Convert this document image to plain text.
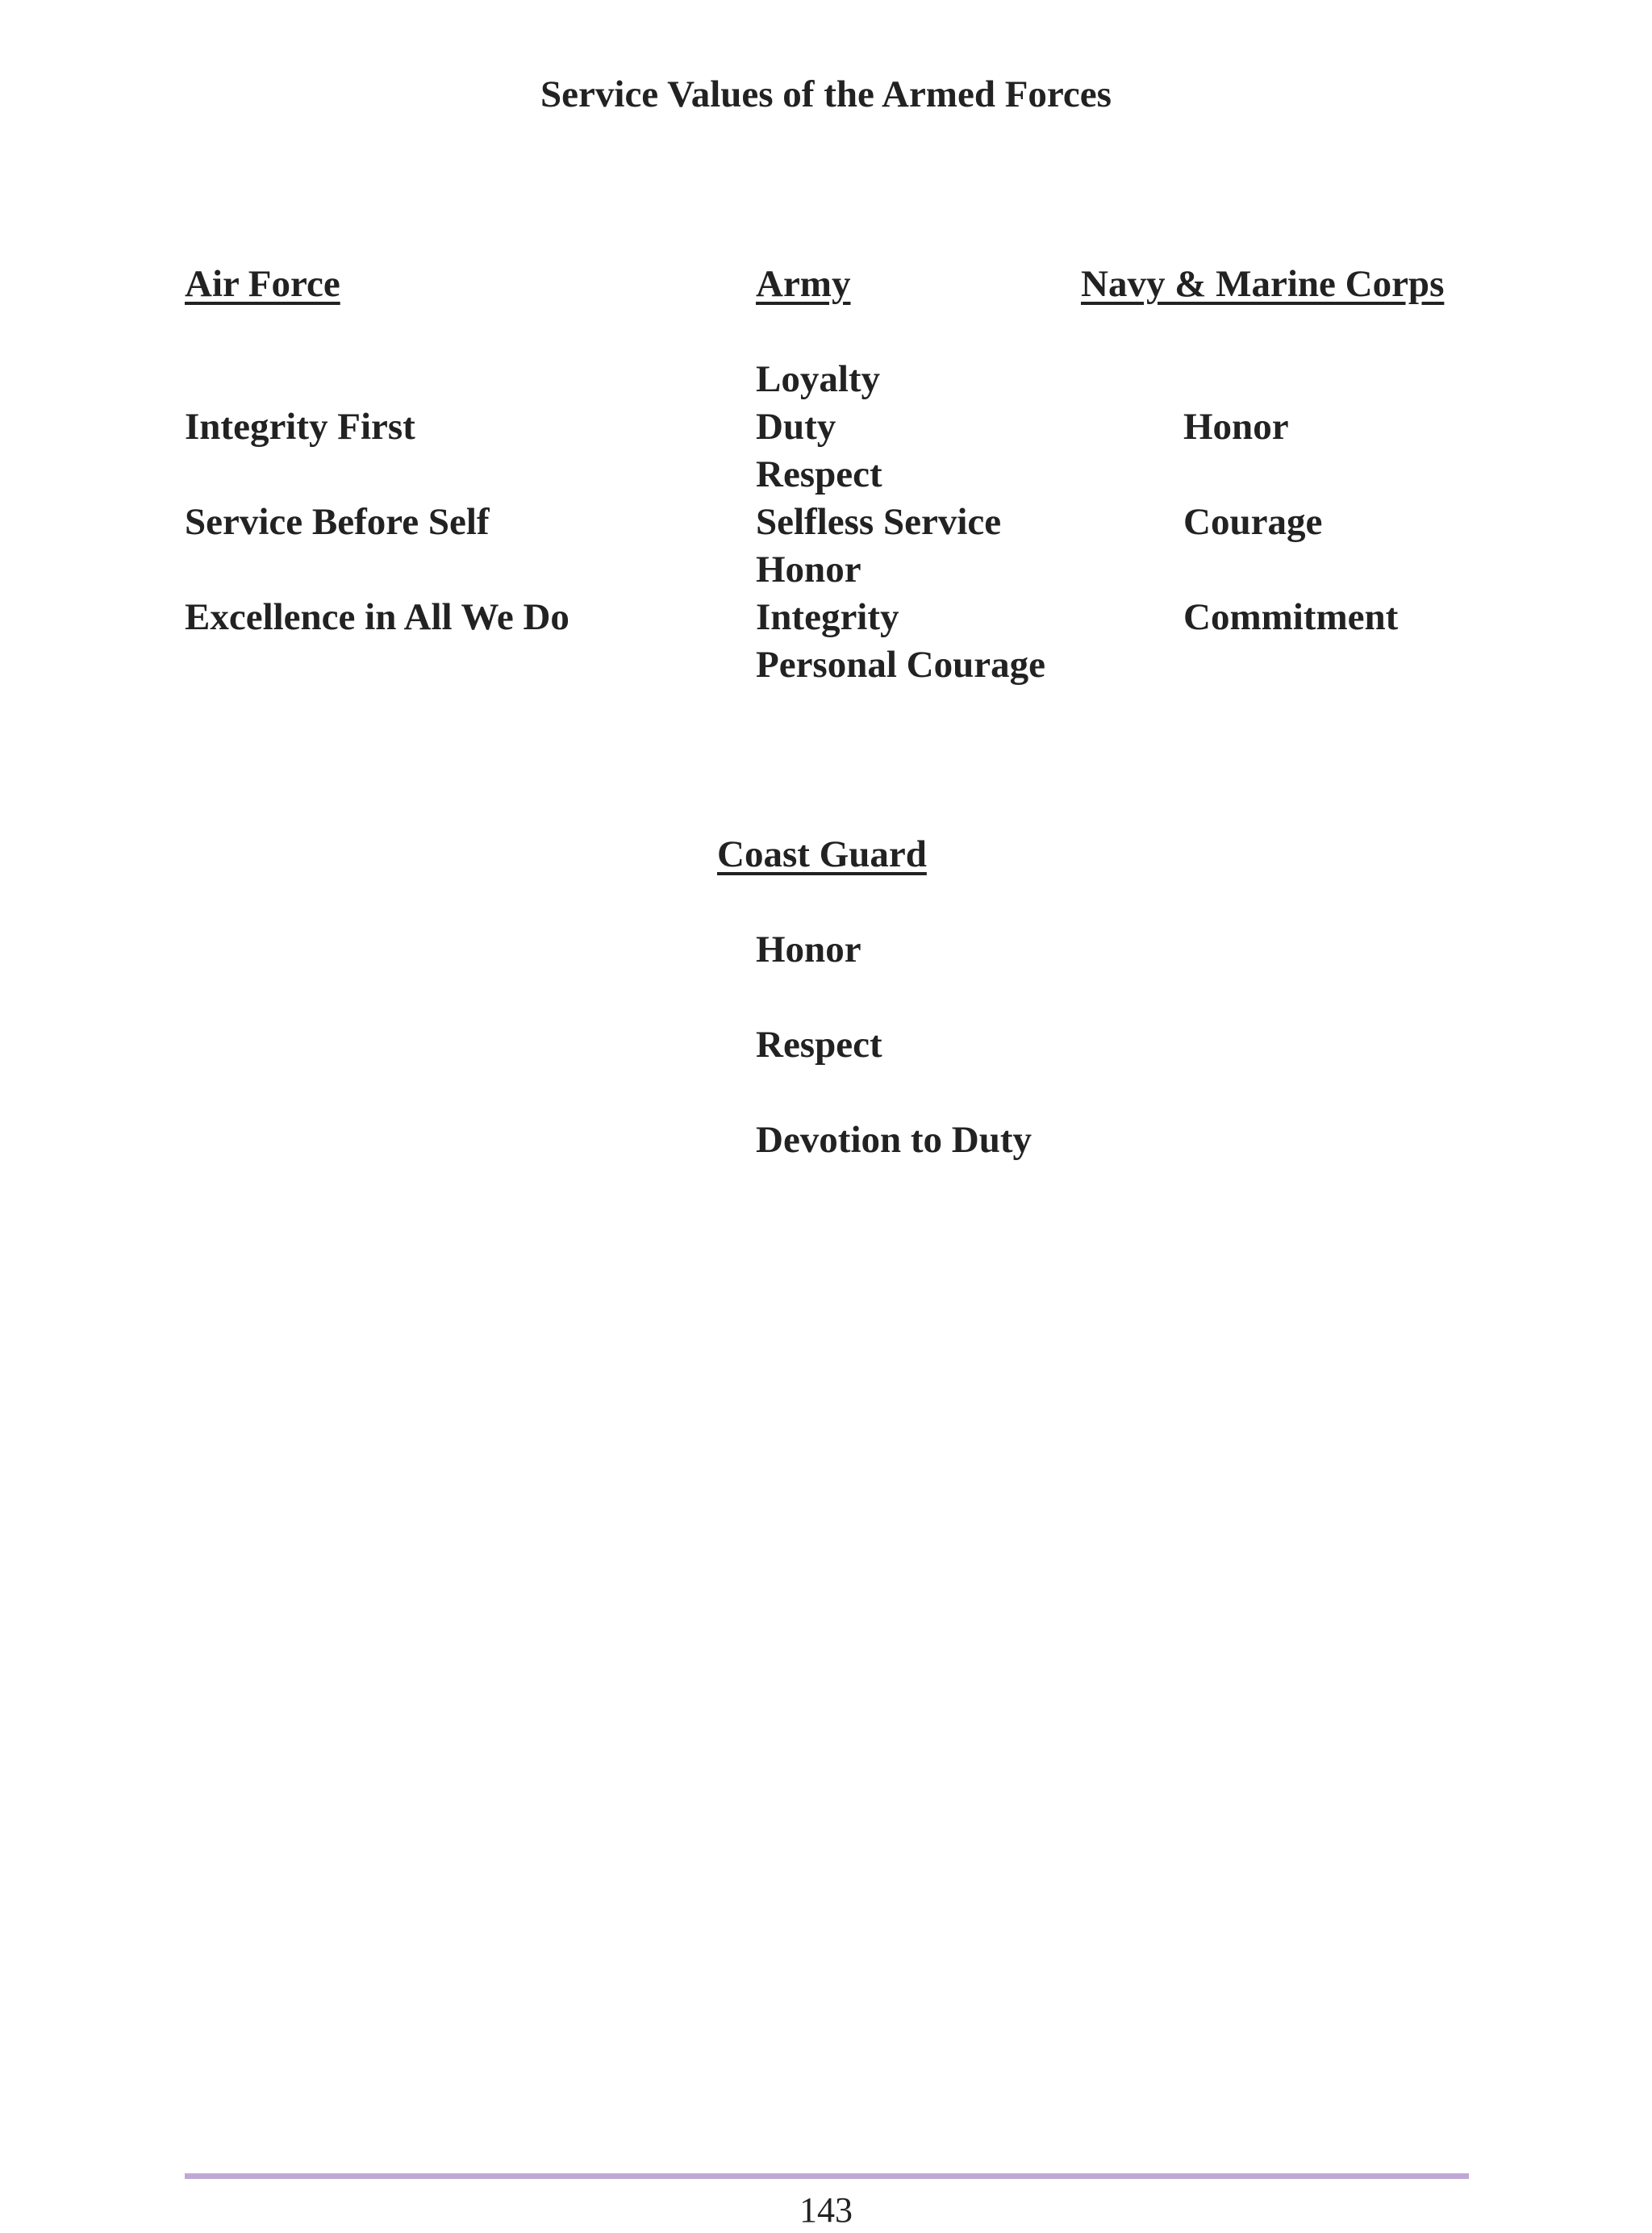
Service Values of the Armed Forces
Air Force
Integrity First
Service Before Self
Excellence in All We Do
Army
Loyalty
Duty
Respect
Selfless Service
Honor
Integrity
Personal Courage
Navy & Marine Corps
Honor
Courage
Commitment
Coast Guard
Honor
Respect
Devotion to Duty
143
